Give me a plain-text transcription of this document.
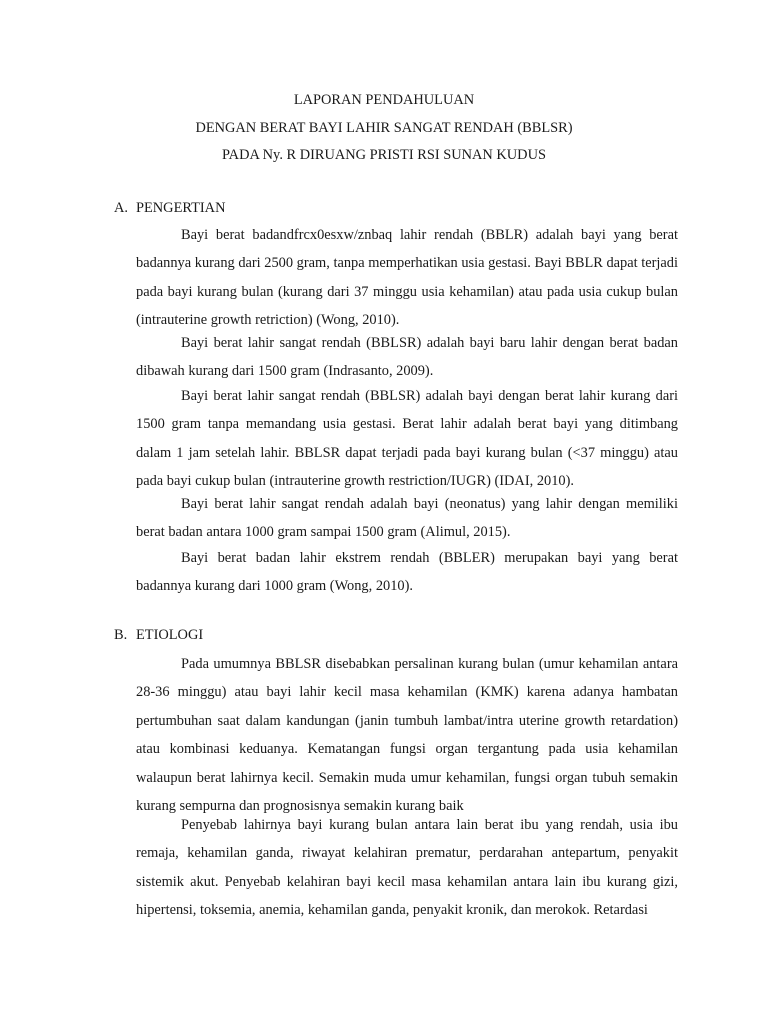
LAPORAN PENDAHULUAN
DENGAN BERAT BAYI LAHIR SANGAT RENDAH (BBLSR)
PADA Ny. R DIRUANG PRISTI RSI SUNAN KUDUS
A. PENGERTIAN

Bayi berat badandfrcx0esxw/znbaq lahir rendah (BBLR) adalah bayi yang berat badannya kurang dari 2500 gram, tanpa memperhatikan usia gestasi. Bayi BBLR dapat terjadi pada bayi kurang bulan (kurang dari 37 minggu usia kehamilan) atau pada usia cukup bulan (intrauterine growth retriction) (Wong, 2010).

Bayi berat lahir sangat rendah (BBLSR) adalah bayi baru lahir dengan berat badan dibawah kurang dari 1500 gram (Indrasanto, 2009).

Bayi berat lahir sangat rendah (BBLSR) adalah bayi dengan berat lahir kurang dari 1500 gram tanpa memandang usia gestasi. Berat lahir adalah berat bayi yang ditimbang dalam 1 jam setelah lahir. BBLSR dapat terjadi pada bayi kurang bulan (<37 minggu) atau pada bayi cukup bulan (intrauterine growth restriction/IUGR) (IDAI, 2010).

Bayi berat lahir sangat rendah adalah bayi (neonatus) yang lahir dengan memiliki berat badan antara 1000 gram sampai 1500 gram (Alimul, 2015).

Bayi berat badan lahir ekstrem rendah (BBLER) merupakan bayi yang berat badannya kurang dari 1000 gram (Wong, 2010).

B. ETIOLOGI

Pada umumnya BBLSR disebabkan persalinan kurang bulan (umur kehamilan antara 28-36 minggu) atau bayi lahir kecil masa kehamilan (KMK) karena adanya hambatan pertumbuhan saat dalam kandungan (janin tumbuh lambat/intra uterine growth retardation) atau kombinasi keduanya. Kematangan fungsi organ tergantung pada usia kehamilan walaupun berat lahirnya kecil. Semakin muda umur kehamilan, fungsi organ tubuh semakin kurang sempurna dan prognosisnya semakin kurang baik

Penyebab lahirnya bayi kurang bulan antara lain berat ibu yang rendah, usia ibu remaja, kehamilan ganda, riwayat kelahiran prematur, perdarahan antepartum, penyakit sistemik akut. Penyebab kelahiran bayi kecil masa kehamilan antara lain ibu kurang gizi, hipertensi, toksemia, anemia, kehamilan ganda, penyakit kronik, dan merokok. Retardasi
